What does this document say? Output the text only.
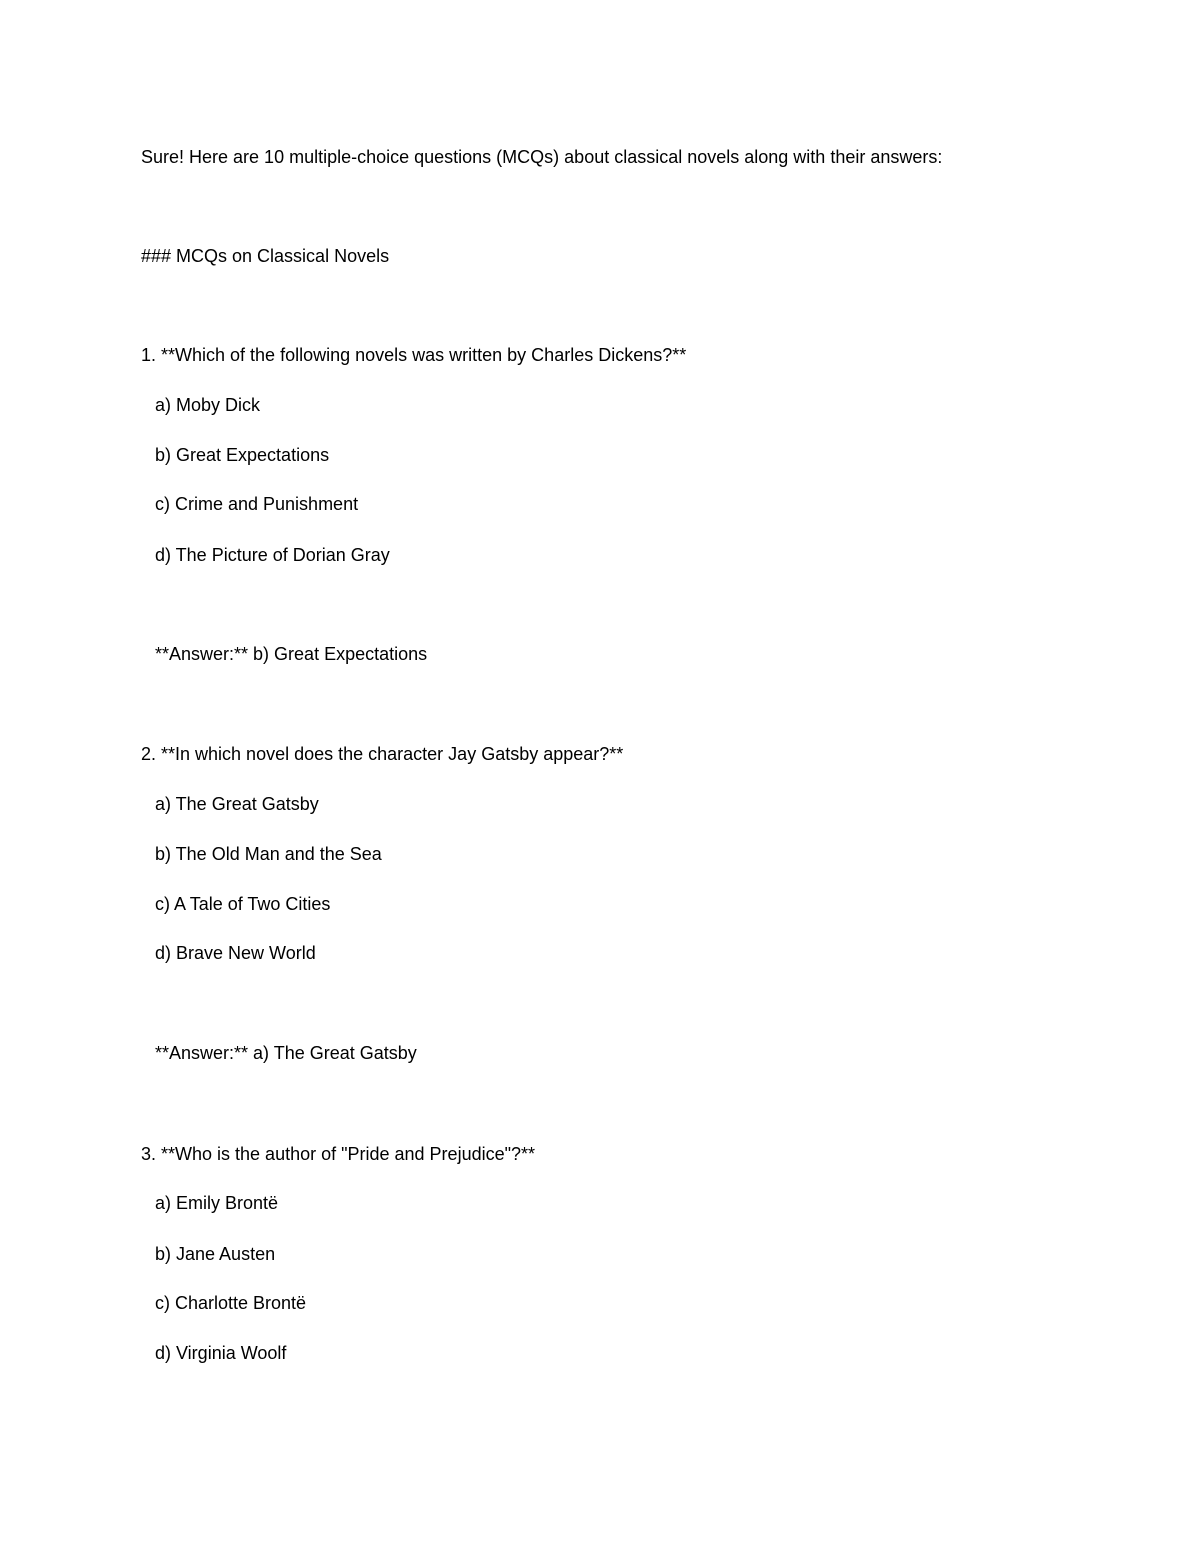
Sure! Here are 10 multiple-choice questions (MCQs) about classical novels along with their answers:
### MCQs on Classical Novels
1. **Which of the following novels was written by Charles Dickens?**
a) Moby Dick
b) Great Expectations
c) Crime and Punishment
d) The Picture of Dorian Gray
**Answer:** b) Great Expectations
2. **In which novel does the character Jay Gatsby appear?**
a) The Great Gatsby
b) The Old Man and the Sea
c) A Tale of Two Cities
d) Brave New World
**Answer:** a) The Great Gatsby
3. **Who is the author of "Pride and Prejudice"?**
a) Emily Brontë
b) Jane Austen
c) Charlotte Brontë
d) Virginia Woolf
